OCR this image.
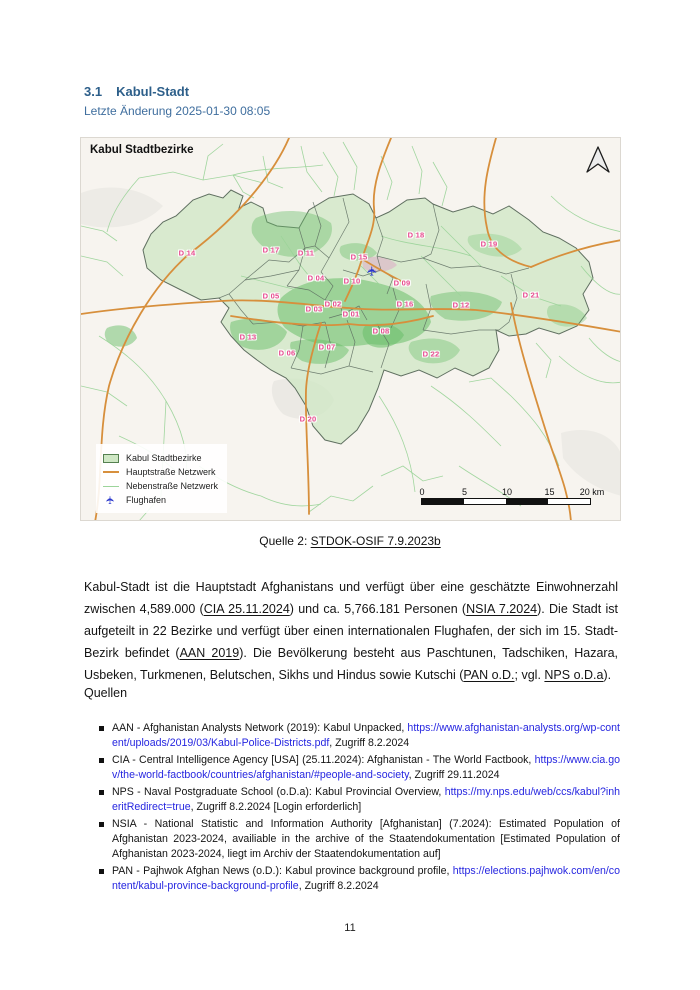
3.1 Kabul-Stadt
Letzte Änderung 2025-01-30 08:05
Kabul Stadtbezirke
✈
D 14	D 17 D 11
D 18
D 19
D 15
D 04	D 10	D 09
D 05	D 21
D 02
D 03
D 16	D 12
D 01
D 08
D 13
D 07
D 06	D 22
D 20
Kabul Stadtbezirke
Hauptstraße Netzwerk
Nebenstraße Netzwerk
✈ Flughafen
0	5	10	15	20 km
Quelle 2: STDOK-OSIF 7.9.2023b

Kabul-Stadt ist die Hauptstadt Afghanistans und verfügt über eine geschätzte Einwohnerzahl zwischen 4,589.000 (CIA 25.11.2024) und ca. 5,766.181 Personen (NSIA 7.2024). Die Stadt ist aufgeteilt in 22 Bezirke und verfügt über einen internationalen Flughafen, der sich im 15. Stadt-Bezirk befindet (AAN 2019). Die Bevölkerung besteht aus Paschtunen, Tadschiken, Hazara, Usbeken, Turkmenen, Belutschen, Sikhs und Hindus sowie Kutschi (PAN o.D.; vgl. NPS o.D.a).

Quellen
AAN - Afghanistan Analysts Network (2019): Kabul Unpacked, https://www.afghanistan-analysts.org/wp-content/uploads/2019/03/Kabul-Police-Districts.pdf, Zugriff 8.2.2024
CIA - Central Intelligence Agency [USA] (25.11.2024): Afghanistan - The World Factbook, https://www.cia.gov/the-world-factbook/countries/afghanistan/#people-and-society, Zugriff 29.11.2024
NPS - Naval Postgraduate School (o.D.a): Kabul Provincial Overview, https://my.nps.edu/web/ccs/kabul?inheritRedirect=true, Zugriff 8.2.2024 [Login erforderlich]
NSIA - National Statistic and Information Authority [Afghanistan] (7.2024): Estimated Population of Afghanistan 2023-2024, availiable in the archive of the Staatendokumentation [Estimated Population of Afghanistan 2023-2024, liegt im Archiv der Staatendokumentation auf]
PAN - Pajhwok Afghan News (o.D.): Kabul province background profile, https://elections.pajhwok.com/en/content/kabul-province-background-profile, Zugriff 8.2.2024
11
